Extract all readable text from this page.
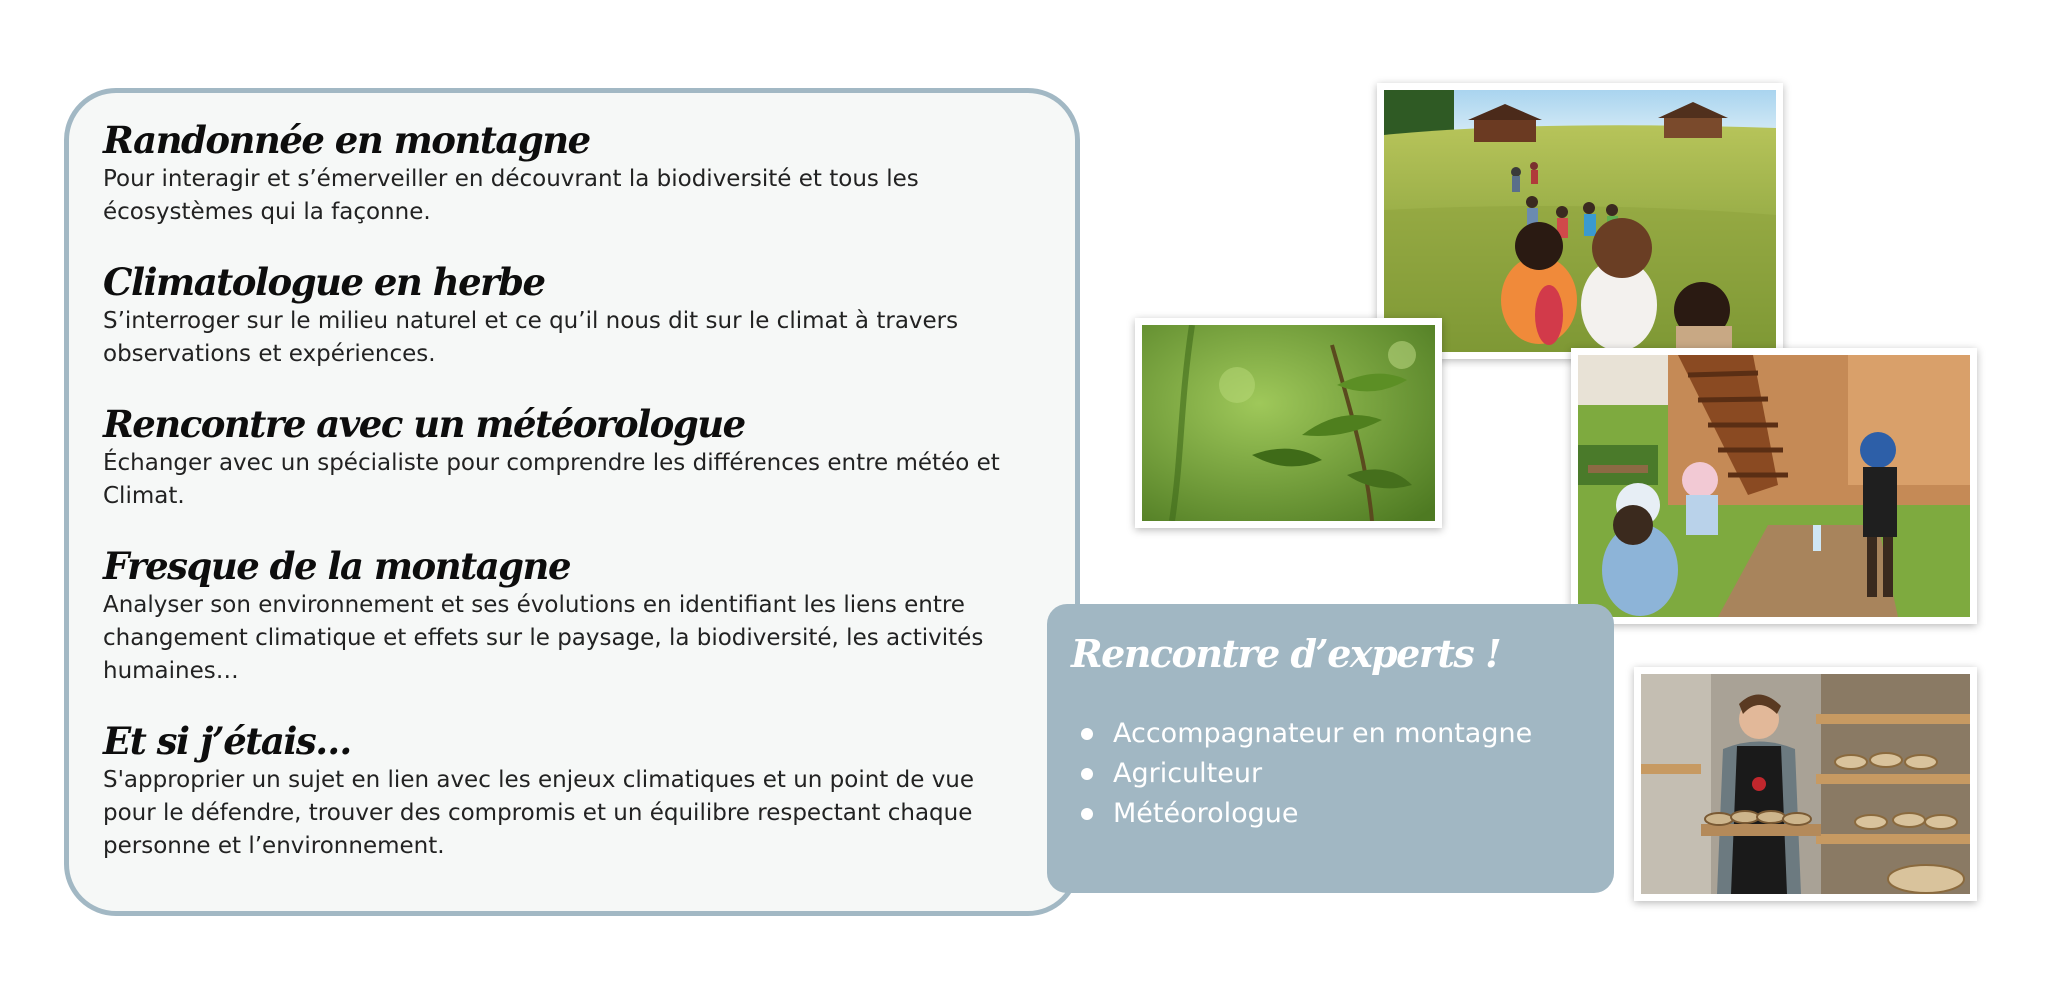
Randonnée en montagne

Pour interagir et s’émerveiller en découvrant la biodiversité et tous les écosystèmes qui la façonne.

Climatologue en herbe

S’interroger sur le milieu naturel et ce qu’il nous dit sur le climat à travers observations et expériences.

Rencontre avec un météorologue

Échanger avec un spécialiste pour comprendre les différences entre météo et Climat.

Fresque de la montagne

Analyser son environnement et ses évolutions en identifiant les liens entre changement climatique et effets sur le paysage, la biodiversité, les activités humaines…

Et si j’étais…

S'approprier un sujet en lien avec les enjeux climatiques et un point de vue pour le défendre, trouver des compromis et un équilibre respectant chaque personne et l’environnement.

Rencontre d’experts !
Accompagnateur en montagne
Agriculteur
Météorologue
